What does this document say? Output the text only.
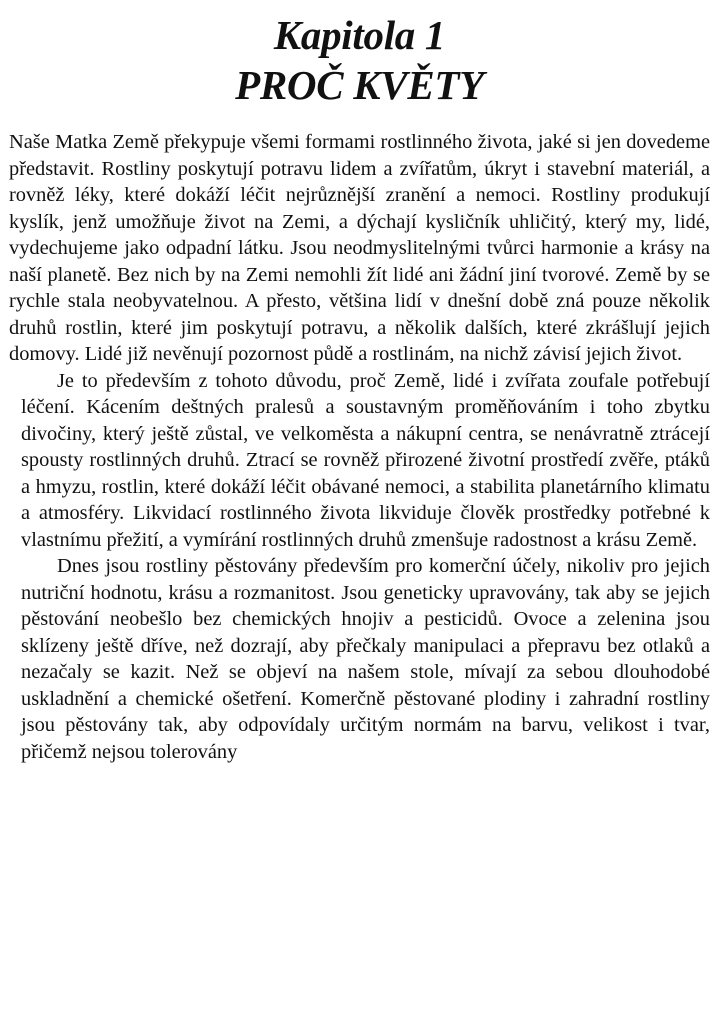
Kapitola 1
PROČ KVĚTY

Naše Matka Země překypuje všemi formami rostlinného života, jaké si jen dovedeme představit. Rostliny poskytují potravu lidem a zvířatům, úkryt i stavební materiál, a rovněž léky, které dokáží léčit nejrůznější zranění a nemoci. Rostliny produkují kyslík, jenž umožňuje život na Zemi, a dýchají kysličník uhličitý, který my, lidé, vydechujeme jako odpadní látku. Jsou neodmyslitelnými tvůrci harmonie a krásy na naší planetě. Bez nich by na Zemi nemohli žít lidé ani žádní jiní tvorové. Země by se rychle stala neobyvatelnou. A přesto, většina lidí v dnešní době zná pouze několik druhů rostlin, které jim poskytují potravu, a několik dalších, které zkrášlují jejich domovy. Lidé již nevěnují pozornost půdě a rostlinám, na nichž závisí jejich život.

Je to především z tohoto důvodu, proč Země, lidé i zvířata zoufale potřebují léčení. Kácením deštných pralesů a soustavným proměňováním i toho zbytku divočiny, který ještě zůstal, ve velkoměsta a nákupní centra, se nenávratně ztrácejí spousty rostlinných druhů. Ztrací se rovněž přirozené životní prostředí zvěře, ptáků a hmyzu, rostlin, které dokáží léčit obávané nemoci, a stabilita planetárního klimatu a atmosféry. Likvidací rostlinného života likviduje člověk prostředky potřebné k vlastnímu přežití, a vymírání rostlinných druhů zmenšuje radostnost a krásu Země.

Dnes jsou rostliny pěstovány především pro komerční účely, nikoliv pro jejich nutriční hodnotu, krásu a rozmanitost. Jsou geneticky upravovány, tak aby se jejich pěstování neobešlo bez chemických hnojiv a pesticidů. Ovoce a zelenina jsou sklízeny ještě dříve, než dozrají, aby přečkaly manipulaci a přepravu bez otlaků a nezačaly se kazit. Než se objeví na našem stole, mívají za sebou dlouhodobé uskladnění a chemické ošetření. Komerčně pěstované plodiny i zahradní rostliny jsou pěstovány tak, aby odpovídaly určitým normám na barvu, velikost i tvar, přičemž nejsou tolerovány
